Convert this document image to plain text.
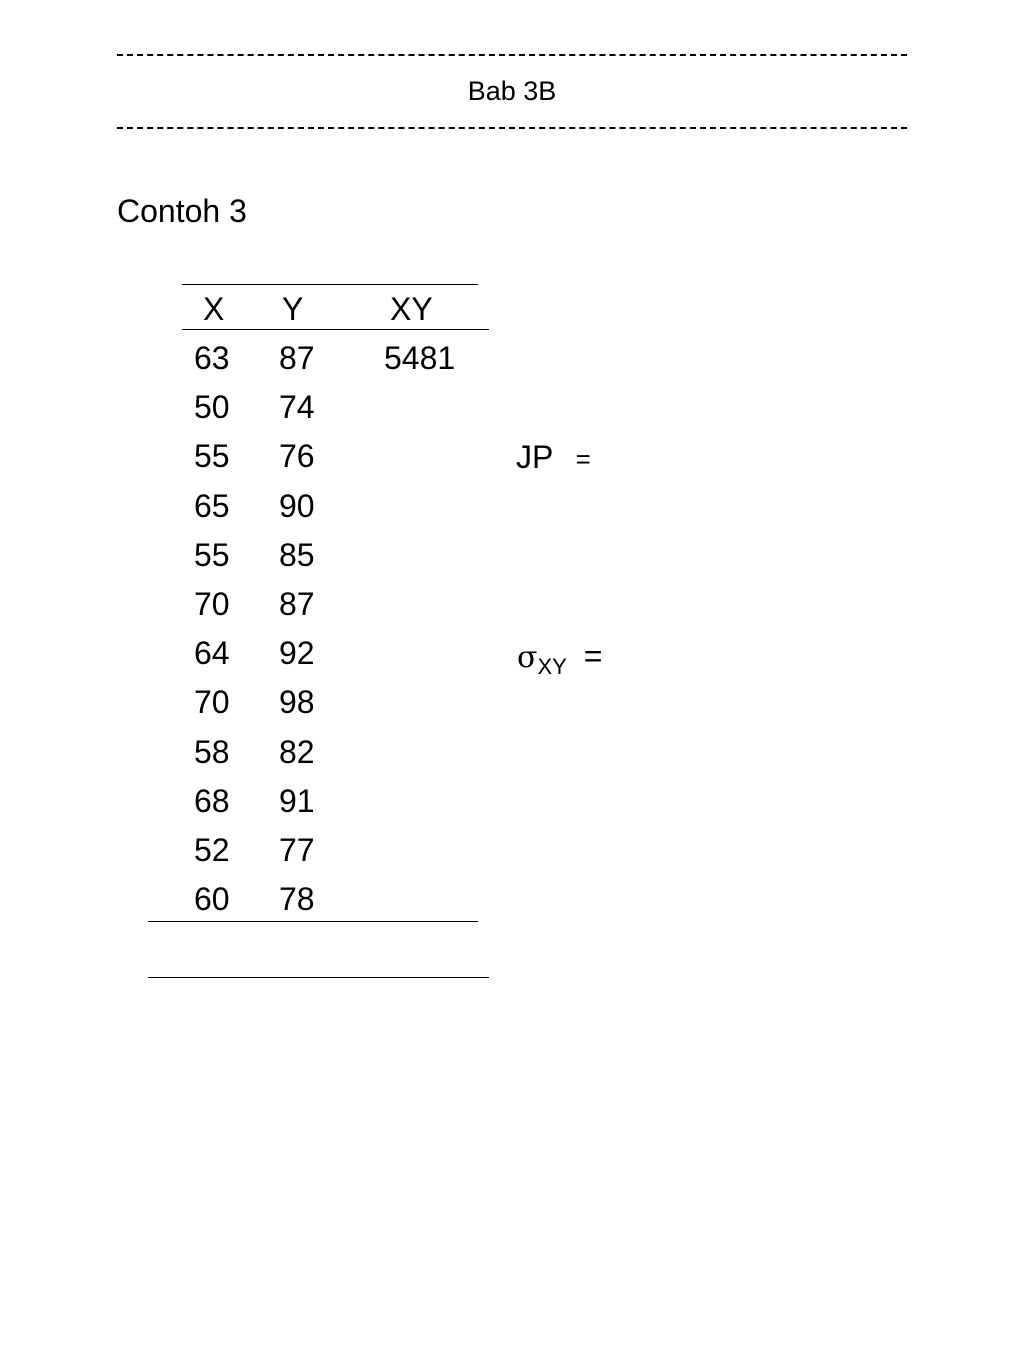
Bab 3B
Contoh 3
X Y	XY
63 87 5481
50 74
55 76
65 90
55 85
70 87
64 92
70 98
58 82
68 91
52 77
60 78
JP =
$\sigma_{XY}$ =
